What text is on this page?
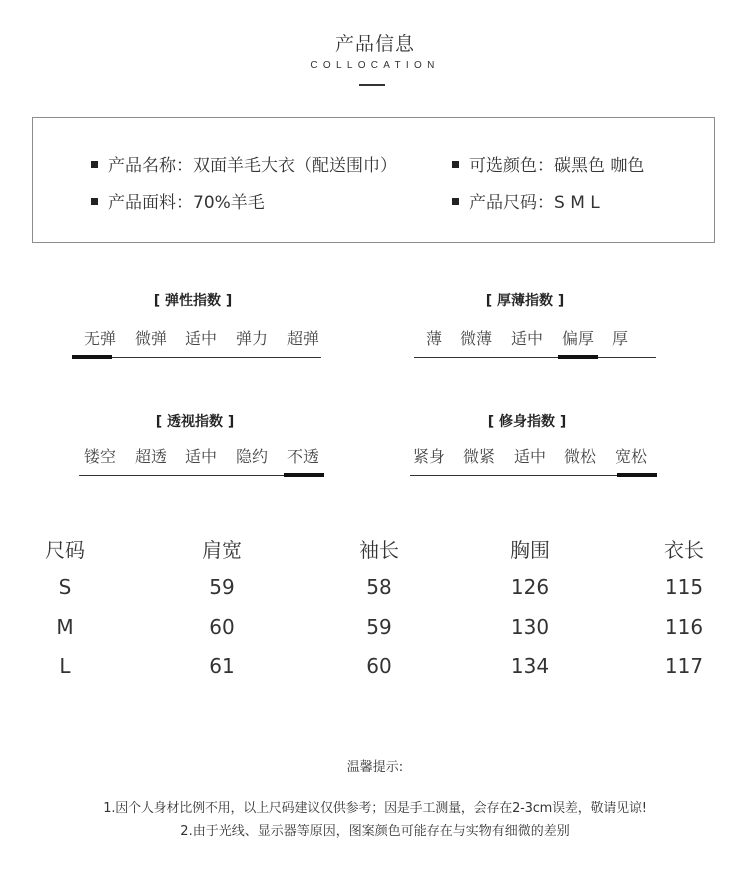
产品信息
COLLOCATION
产品名称：双面羊毛大衣（配送围巾）	可选颜色：碳黑色 咖色
产品面料：70%羊毛	产品尺码：S M L
[ 弹性指数 ]
无弹	微弹	适中	弹力	超弹
[ 厚薄指数 ]
薄	微薄	适中	偏厚	厚
[ 透视指数 ]
镂空	超透	适中	隐约	不透
[ 修身指数 ]
紧身	微紧	适中	微松	宽松
尺码	肩宽	袖长	胸围	衣长
S	59	58	126	115
M	60	59	130	116
L	61	60	134	117
温馨提示:
1.因个人身材比例不用，以上尺码建议仅供参考；因是手工测量，会存在2-3cm误差，敬请见谅!
2.由于光线、显示器等原因，图案颜色可能存在与实物有细微的差别
